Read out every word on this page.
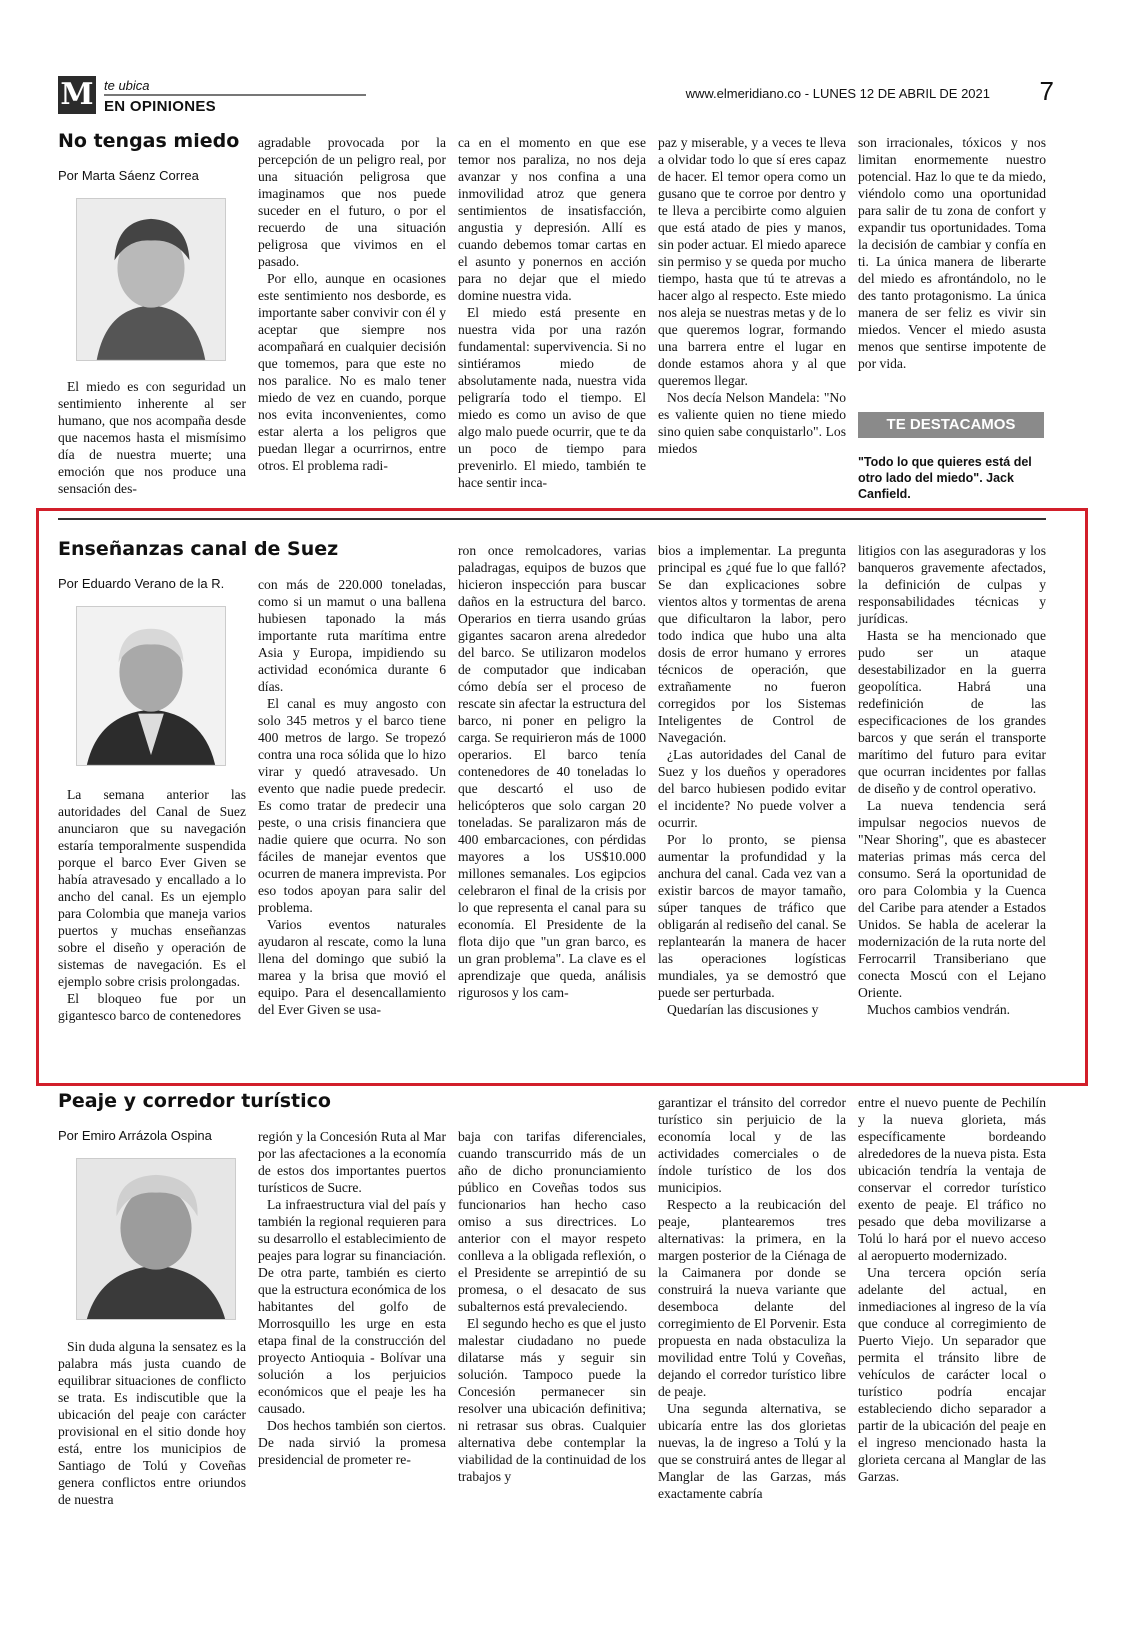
M te ubica
EN OPINIONES
www.elmeridiano.co - LUNES 12 DE ABRIL DE 2021 7
No tengas miedo
Por Marta Sáenz Correa

El miedo es con seguridad un sentimiento inherente al ser humano, que nos acompaña desde que nacemos hasta el mismísimo día de nuestra muerte; una emoción que nos produce una sensación des-

agradable provocada por la percepción de un peligro real, por una situación peligrosa que imaginamos que nos puede suceder en el futuro, o por el recuerdo de una situación peligrosa que vivimos en el pasado.

Por ello, aunque en ocasiones este sentimiento nos desborde, es importante saber convivir con él y aceptar que siempre nos acompañará en cualquier decisión que tomemos, para que este no nos paralice. No es malo tener miedo de vez en cuando, porque nos evita inconvenientes, como estar alerta a los peligros que puedan llegar a ocurrirnos, entre otros. El problema radi-

ca en el momento en que ese temor nos paraliza, no nos deja avanzar y nos confina a una inmovilidad atroz que genera sentimientos de insatisfacción, angustia y depresión. Allí es cuando debemos tomar cartas en el asunto y ponernos en acción para no dejar que el miedo domine nuestra vida.

El miedo está presente en nuestra vida por una razón fundamental: supervivencia. Si no sintiéramos miedo de absolutamente nada, nuestra vida peligraría todo el tiempo. El miedo es como un aviso de que algo malo puede ocurrir, que te da un poco de tiempo para prevenirlo. El miedo, también te hace sentir inca-

paz y miserable, y a veces te lleva a olvidar todo lo que sí eres capaz de hacer. El temor opera como un gusano que te corroe por dentro y te lleva a percibirte como alguien que está atado de pies y manos, sin poder actuar. El miedo aparece sin permiso y se queda por mucho tiempo, hasta que tú te atrevas a hacer algo al respecto. Este miedo nos aleja se nuestras metas y de lo que queremos lograr, formando una barrera entre el lugar en donde estamos ahora y al que queremos llegar.

Nos decía Nelson Mandela: "No es valiente quien no tiene miedo sino quien sabe conquistarlo". Los miedos

son irracionales, tóxicos y nos limitan enormemente nuestro potencial. Haz lo que te da miedo, viéndolo como una oportunidad para salir de tu zona de confort y expandir tus oportunidades. Toma la decisión de cambiar y confía en ti. La única manera de liberarte del miedo es afrontándolo, no le des tanto protagonismo. La única manera de ser feliz es vivir sin miedos. Vencer el miedo asusta menos que sentirse impotente de por vida.

TE DESTACAMOS
"Todo lo que quieres está del otro lado del miedo". Jack Canfield.
Enseñanzas canal de Suez
Por Eduardo Verano de la R.

La semana anterior las autoridades del Canal de Suez anunciaron que su navegación estaría temporalmente suspendida porque el barco Ever Given se había atravesado y encallado a lo ancho del canal. Es un ejemplo para Colombia que maneja varios puertos y muchas enseñanzas sobre el diseño y operación de sistemas de navegación. Es el ejemplo sobre crisis prolongadas.

El bloqueo fue por un gigantesco barco de contenedores

con más de 220.000 toneladas, como si un mamut o una ballena hubiesen taponado la más importante ruta marítima entre Asia y Europa, impidiendo su actividad económica durante 6 días.

El canal es muy angosto con solo 345 metros y el barco tiene 400 metros de largo. Se tropezó contra una roca sólida que lo hizo virar y quedó atravesado. Un evento que nadie puede predecir. Es como tratar de predecir una peste, o una crisis financiera que nadie quiere que ocurra. No son fáciles de manejar eventos que ocurren de manera imprevista. Por eso todos apoyan para salir del problema.

Varios eventos naturales ayudaron al rescate, como la luna llena del domingo que subió la marea y la brisa que movió el equipo. Para el desencallamiento del Ever Given se usa-

ron once remolcadores, varias paladragas, equipos de buzos que hicieron inspección para buscar daños en la estructura del barco. Operarios en tierra usando grúas gigantes sacaron arena alrededor del barco. Se utilizaron modelos de computador que indicaban cómo debía ser el proceso de rescate sin afectar la estructura del barco, ni poner en peligro la carga. Se requirieron más de 1000 operarios. El barco tenía contenedores de 40 toneladas lo que descartó el uso de helicópteros que solo cargan 20 toneladas. Se paralizaron más de 400 embarcaciones, con pérdidas mayores a los US$10.000 millones semanales. Los egipcios celebraron el final de la crisis por lo que representa el canal para su economía. El Presidente de la flota dijo que "un gran barco, es un gran problema". La clave es el aprendizaje que queda, análisis rigurosos y los cam-

bios a implementar. La pregunta principal es ¿qué fue lo que falló? Se dan explicaciones sobre vientos altos y tormentas de arena que dificultaron la labor, pero todo indica que hubo una alta dosis de error humano y errores técnicos de operación, que extrañamente no fueron corregidos por los Sistemas Inteligentes de Control de Navegación.

¿Las autoridades del Canal de Suez y los dueños y operadores del barco hubiesen podido evitar el incidente? No puede volver a ocurrir.

Por lo pronto, se piensa aumentar la profundidad y la anchura del canal. Cada vez van a existir barcos de mayor tamaño, súper tanques de tráfico que obligarán al rediseño del canal. Se replantearán la manera de hacer las operaciones logísticas mundiales, ya se demostró que puede ser perturbada.

Quedarían las discusiones y

litigios con las aseguradoras y los banqueros gravemente afectados, la definición de culpas y responsabilidades técnicas y jurídicas.

Hasta se ha mencionado que pudo ser un ataque desestabilizador en la guerra geopolítica. Habrá una redefinición de las especificaciones de los grandes barcos y que serán el transporte marítimo del futuro para evitar que ocurran incidentes por fallas de diseño y de control operativo.

La nueva tendencia será impulsar negocios nuevos de "Near Shoring", que es abastecer materias primas más cerca del consumo. Será la oportunidad de oro para Colombia y la Cuenca del Caribe para atender a Estados Unidos. Se habla de acelerar la modernización de la ruta norte del Ferrocarril Transiberiano que conecta Moscú con el Lejano Oriente.

Muchos cambios vendrán.

Peaje y corredor turístico
Por Emiro Arrázola Ospina

Sin duda alguna la sensatez es la palabra más justa cuando de equilibrar situaciones de conflicto se trata. Es indiscutible que la ubicación del peaje con carácter provisional en el sitio donde hoy está, entre los municipios de Santiago de Tolú y Coveñas genera conflictos entre oriundos de nuestra

región y la Concesión Ruta al Mar por las afectaciones a la economía de estos dos importantes puertos turísticos de Sucre.

La infraestructura vial del país y también la regional requieren para su desarrollo el establecimiento de peajes para lograr su financiación. De otra parte, también es cierto que la estructura económica de los habitantes del golfo de Morrosquillo les urge en esta etapa final de la construcción del proyecto Antioquia - Bolívar una solución a los perjuicios económicos que el peaje les ha causado.

Dos hechos también son ciertos. De nada sirvió la promesa presidencial de prometer re-

baja con tarifas diferenciales, cuando transcurrido más de un año de dicho pronunciamiento público en Coveñas todos sus funcionarios han hecho caso omiso a sus directrices. Lo anterior con el mayor respeto conlleva a la obligada reflexión, o el Presidente se arrepintió de su promesa, o el desacato de sus subalternos está prevaleciendo.

El segundo hecho es que el justo malestar ciudadano no puede dilatarse más y seguir sin solución. Tampoco puede la Concesión permanecer sin resolver una ubicación definitiva; ni retrasar sus obras. Cualquier alternativa debe contemplar la viabilidad de la continuidad de los trabajos y

garantizar el tránsito del corredor turístico sin perjuicio de la economía local y de las actividades comerciales o de índole turístico de los dos municipios.

Respecto a la reubicación del peaje, plantearemos tres alternativas: la primera, en la margen posterior de la Ciénaga de la Caimanera por donde se construirá la nueva variante que desemboca delante del corregimiento de El Porvenir. Esta propuesta en nada obstaculiza la movilidad entre Tolú y Coveñas, dejando el corredor turístico libre de peaje.

Una segunda alternativa, se ubicaría entre las dos glorietas nuevas, la de ingreso a Tolú y la que se construirá antes de llegar al Manglar de las Garzas, más exactamente cabría

entre el nuevo puente de Pechilín y la nueva glorieta, más específicamente bordeando alrededores de la nueva pista. Esta ubicación tendría la ventaja de conservar el corredor turístico exento de peaje. El tráfico no pesado que deba movilizarse a Tolú lo hará por el nuevo acceso al aeropuerto modernizado.

Una tercera opción sería adelante del actual, en inmediaciones al ingreso de la vía que conduce al corregimiento de Puerto Viejo. Un separador que permita el tránsito libre de vehículos de carácter local o turístico podría encajar estableciendo dicho separador a partir de la ubicación del peaje en el ingreso mencionado hasta la glorieta cercana al Manglar de las Garzas.
